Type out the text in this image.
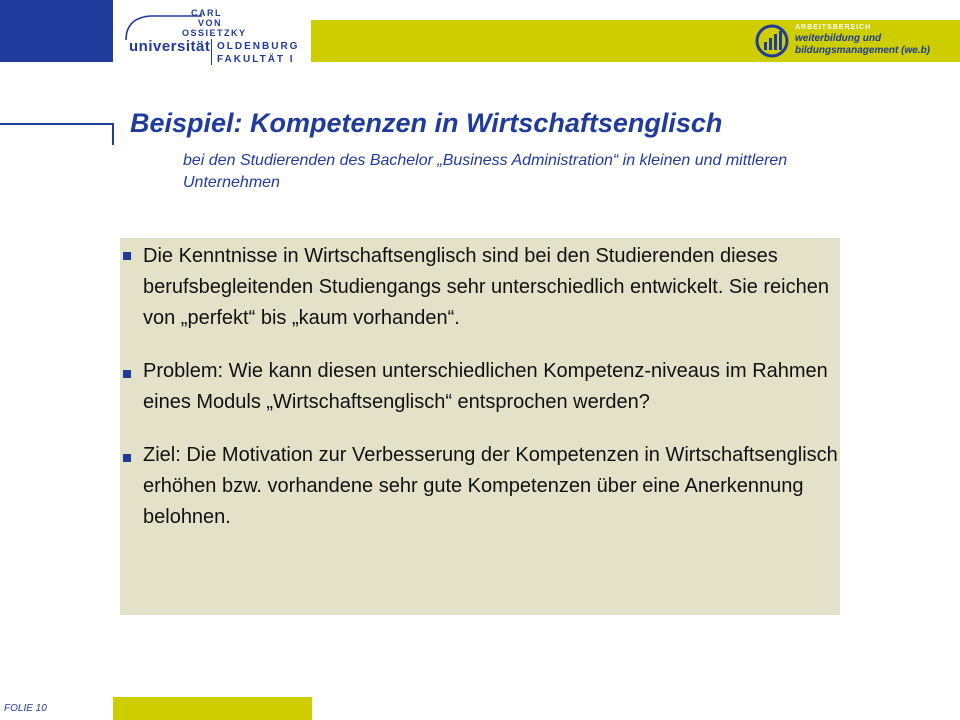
CARL
VON
OSSIETZKY
universität OLDENBURG
FAKULTÄT I
ARBEITSBEREICH
weiterbildung und
bildungsmanagement (we.b)
Beispiel: Kompetenzen in Wirtschaftsenglisch
bei den Studierenden des Bachelor „Business Administration“ in kleinen und mittleren Unternehmen
Die Kenntnisse in Wirtschaftsenglisch sind bei den Studierenden dieses berufsbegleitenden Studiengangs sehr unterschiedlich entwickelt. Sie reichen von „perfekt“ bis „kaum vorhanden“.
Problem: Wie kann diesen unterschiedlichen Kompetenz-niveaus im Rahmen eines Moduls „Wirtschaftsenglisch“ entsprochen werden?
Ziel: Die Motivation zur Verbesserung der Kompetenzen in Wirtschaftsenglisch erhöhen bzw. vorhandene sehr gute Kompetenzen über eine Anerkennung belohnen.
FOLIE 10
